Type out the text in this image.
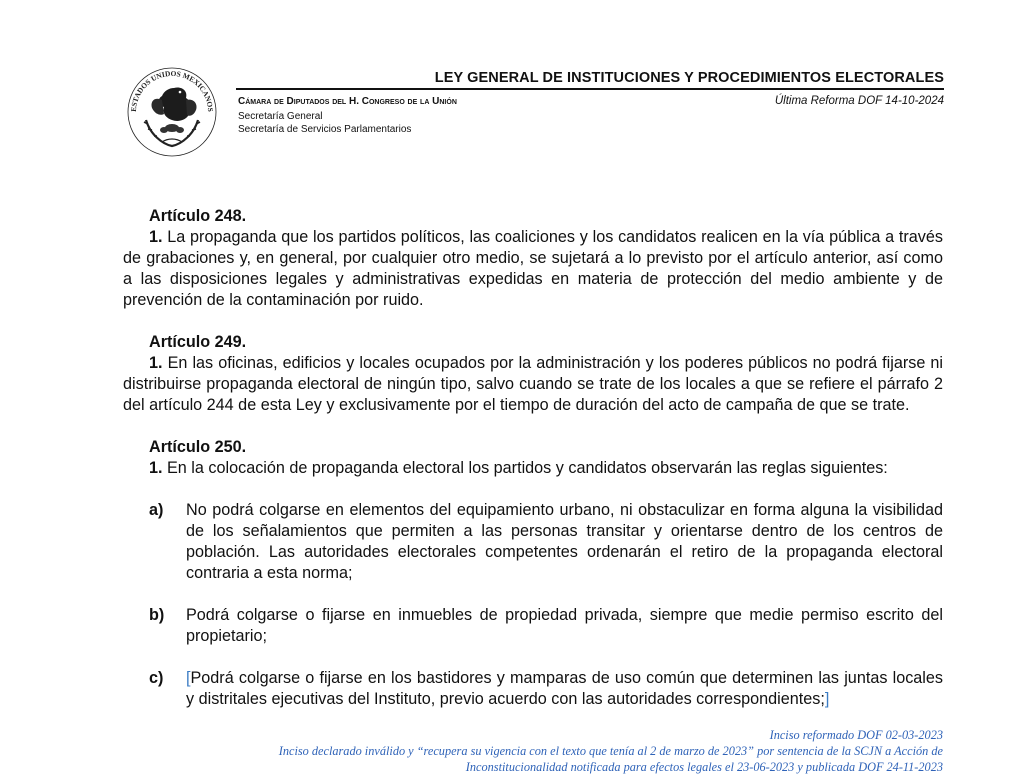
ESTADOS UNIDOS MEXICANOS
LEY GENERAL DE INSTITUCIONES Y PROCEDIMIENTOS ELECTORALES
Cámara de Diputados del H. Congreso de la Unión	Última Reforma DOF 14-10-2024
Secretaría General
Secretaría de Servicios Parlamentarios
Artículo 248.

1. La propaganda que los partidos políticos, las coaliciones y los candidatos realicen en la vía pública a través de grabaciones y, en general, por cualquier otro medio, se sujetará a lo previsto por el artículo anterior, así como a las disposiciones legales y administrativas expedidas en materia de protección del medio ambiente y de prevención de la contaminación por ruido.

Artículo 249.

1. En las oficinas, edificios y locales ocupados por la administración y los poderes públicos no podrá fijarse ni distribuirse propaganda electoral de ningún tipo, salvo cuando se trate de los locales a que se refiere el párrafo 2 del artículo 244 de esta Ley y exclusivamente por el tiempo de duración del acto de campaña de que se trate.

Artículo 250.

1. En la colocación de propaganda electoral los partidos y candidatos observarán las reglas siguientes:

a)	No podrá colgarse en elementos del equipamiento urbano, ni obstaculizar en forma alguna la visibilidad de los señalamientos que permiten a las personas transitar y orientarse dentro de los centros de población. Las autoridades electorales competentes ordenarán el retiro de la propaganda electoral contraria a esta norma;
b)	Podrá colgarse o fijarse en inmuebles de propiedad privada, siempre que medie permiso escrito del propietario;
c)	[Podrá colgarse o fijarse en los bastidores y mamparas de uso común que determinen las juntas locales y distritales ejecutivas del Instituto, previo acuerdo con las autoridades correspondientes;]
Inciso reformado DOF 02-03-2023
Inciso declarado inválido y “recupera su vigencia con el texto que tenía al 2 de marzo de 2023” por sentencia de la SCJN a Acción de
Inconstitucionalidad notificada para efectos legales el 23-06-2023 y publicada DOF 24-11-2023
